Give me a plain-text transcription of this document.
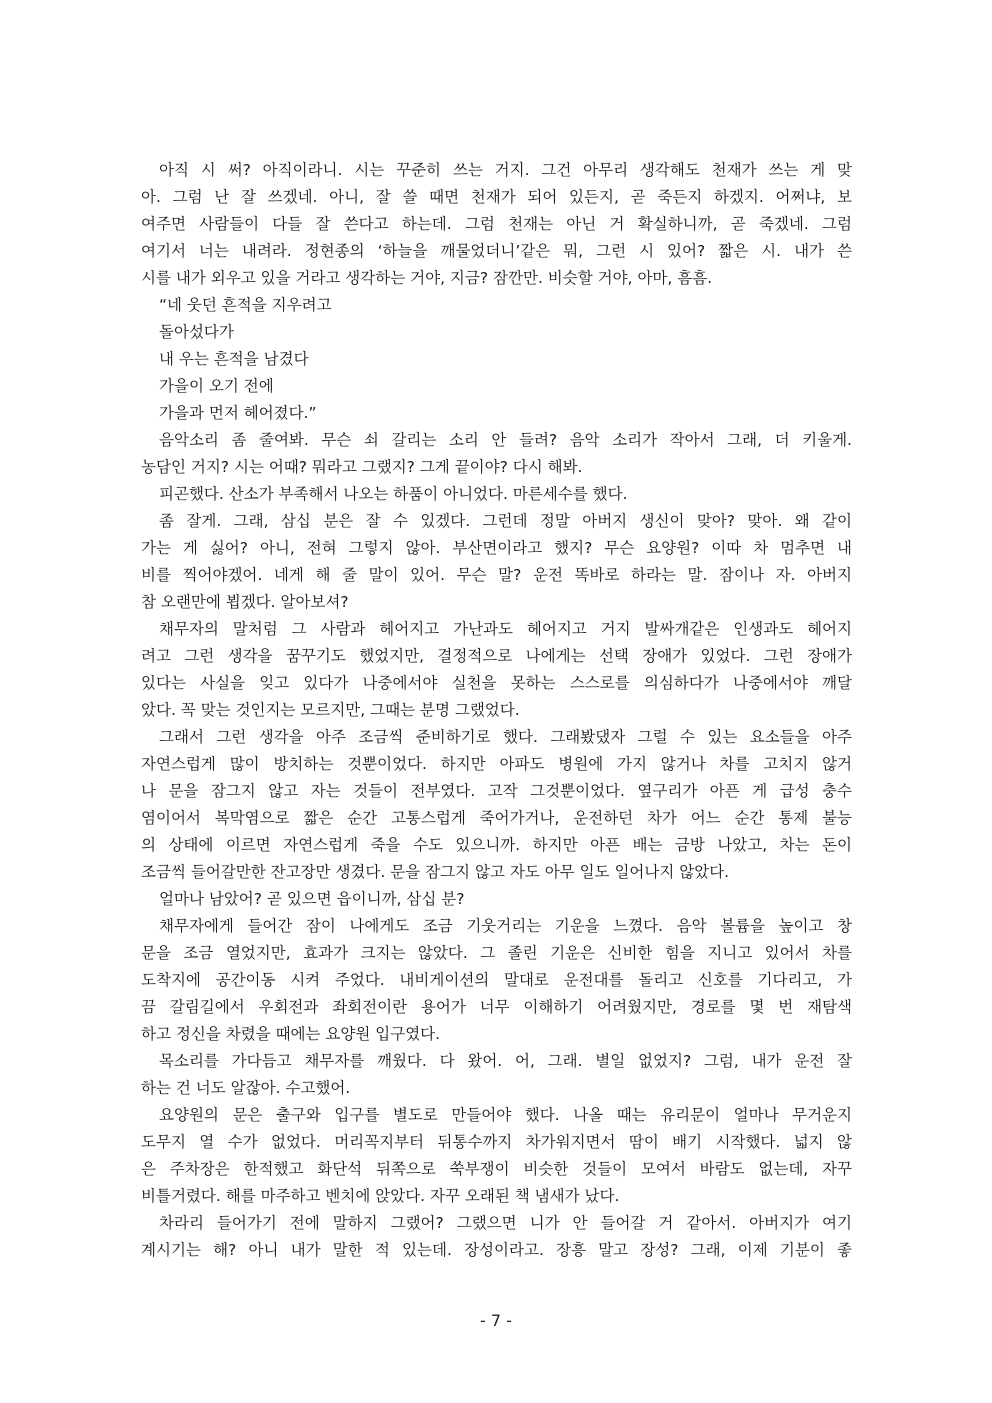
아직 시 써? 아직이라니. 시는 꾸준히 쓰는 거지. 그건 아무리 생각해도 천재가 쓰는 게 맞
아. 그럼 난 잘 쓰겠네. 아니, 잘 쓸 때면 천재가 되어 있든지, 곧 죽든지 하겠지. 어쩌냐, 보
여주면 사람들이 다들 잘 쓴다고 하는데. 그럼 천재는 아닌 거 확실하니까, 곧 죽겠네. 그럼
여기서 너는 내려라. 정현종의 ‘하늘을 깨물었더니’같은 뭐, 그런 시 있어? 짧은 시. 내가 쓴
시를 내가 외우고 있을 거라고 생각하는 거야, 지금? 잠깐만. 비슷할 거야, 아마, 흠흠.
“네 웃던 흔적을 지우려고
돌아섰다가
내 우는 흔적을 남겼다
가을이 오기 전에
가을과 먼저 헤어졌다.”
음악소리 좀 줄여봐. 무슨 쇠 갈리는 소리 안 들려? 음악 소리가 작아서 그래, 더 키울게.
농담인 거지? 시는 어때? 뭐라고 그랬지? 그게 끝이야? 다시 해봐.
피곤했다. 산소가 부족해서 나오는 하품이 아니었다. 마른세수를 했다.
좀 잘게. 그래, 삼십 분은 잘 수 있겠다. 그런데 정말 아버지 생신이 맞아? 맞아. 왜 같이
가는 게 싫어? 아니, 전혀 그렇지 않아. 부산면이라고 했지? 무슨 요양원? 이따 차 멈추면 내
비를 찍어야겠어. 네게 해 줄 말이 있어. 무슨 말? 운전 똑바로 하라는 말. 잠이나 자. 아버지
참 오랜만에 뵙겠다. 알아보셔?
채무자의 말처럼 그 사람과 헤어지고 가난과도 헤어지고 거지 발싸개같은 인생과도 헤어지
려고 그런 생각을 꿈꾸기도 했었지만, 결정적으로 나에게는 선택 장애가 있었다. 그런 장애가
있다는 사실을 잊고 있다가 나중에서야 실천을 못하는 스스로를 의심하다가 나중에서야 깨달
았다. 꼭 맞는 것인지는 모르지만, 그때는 분명 그랬었다.
그래서 그런 생각을 아주 조금씩 준비하기로 했다. 그래봤댔자 그럴 수 있는 요소들을 아주
자연스럽게 많이 방치하는 것뿐이었다. 하지만 아파도 병원에 가지 않거나 차를 고치지 않거
나 문을 잠그지 않고 자는 것들이 전부였다. 고작 그것뿐이었다. 옆구리가 아픈 게 급성 충수
염이어서 복막염으로 짧은 순간 고통스럽게 죽어가거나, 운전하던 차가 어느 순간 통제 불능
의 상태에 이르면 자연스럽게 죽을 수도 있으니까. 하지만 아픈 배는 금방 나았고, 차는 돈이
조금씩 들어갈만한 잔고장만 생겼다. 문을 잠그지 않고 자도 아무 일도 일어나지 않았다.
얼마나 남았어? 곧 있으면 읍이니까, 삼십 분?
채무자에게 들어간 잠이 나에게도 조금 기웃거리는 기운을 느꼈다. 음악 볼륨을 높이고 창
문을 조금 열었지만, 효과가 크지는 않았다. 그 졸린 기운은 신비한 힘을 지니고 있어서 차를
도착지에 공간이동 시켜 주었다. 내비게이션의 말대로 운전대를 돌리고 신호를 기다리고, 가
끔 갈림길에서 우회전과 좌회전이란 용어가 너무 이해하기 어려웠지만, 경로를 몇 번 재탐색
하고 정신을 차렸을 때에는 요양원 입구였다.
목소리를 가다듬고 채무자를 깨웠다. 다 왔어. 어, 그래. 별일 없었지? 그럼, 내가 운전 잘
하는 건 너도 알잖아. 수고했어.
요양원의 문은 출구와 입구를 별도로 만들어야 했다. 나올 때는 유리문이 얼마나 무거운지
도무지 열 수가 없었다. 머리꼭지부터 뒤통수까지 차가워지면서 땀이 배기 시작했다. 넓지 않
은 주차장은 한적했고 화단석 뒤쪽으로 쑥부쟁이 비슷한 것들이 모여서 바람도 없는데, 자꾸
비틀거렸다. 해를 마주하고 벤치에 앉았다. 자꾸 오래된 책 냄새가 났다.
차라리 들어가기 전에 말하지 그랬어? 그랬으면 니가 안 들어갈 거 같아서. 아버지가 여기
계시기는 해? 아니 내가 말한 적 있는데. 장성이라고. 장흥 말고 장성? 그래, 이제 기분이 좋
- 7 -
